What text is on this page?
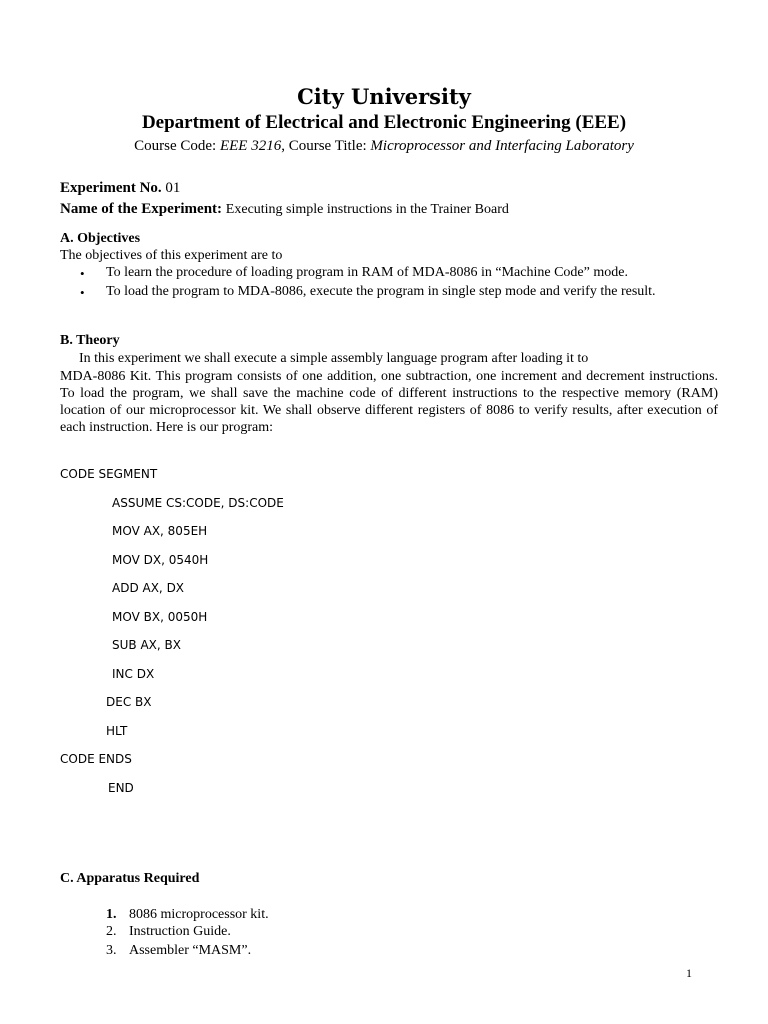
City University
Department of Electrical and Electronic Engineering (EEE)
Course Code: EEE 3216, Course Title: Microprocessor and Interfacing Laboratory
Experiment No. 01
Name of the Experiment: Executing simple instructions in the Trainer Board
A. Objectives
The objectives of this experiment are to
• To learn the procedure of loading program in RAM of MDA-8086 in “Machine Code” mode.
• To load the program to MDA-8086, execute the program in single step mode and verify the result.
B. Theory
In this experiment we shall execute a simple assembly language program after loading it to
MDA-8086 Kit. This program consists of one addition, one subtraction, one increment and decrement instructions. To load the program, we shall save the machine code of different instructions to the respective memory (RAM) location of our microprocessor kit. We shall observe different registers of 8086 to verify results, after execution of each instruction. Here is our program:
CODE SEGMENT
ASSUME CS:CODE, DS:CODE
MOV AX, 805EH
MOV DX, 0540H
ADD AX, DX
MOV BX, 0050H
SUB AX, BX
INC DX
DEC BX
HLT
CODE ENDS
END
C. Apparatus Required
1. 8086 microprocessor kit.
2. Instruction Guide.
3. Assembler “MASM”.
1
